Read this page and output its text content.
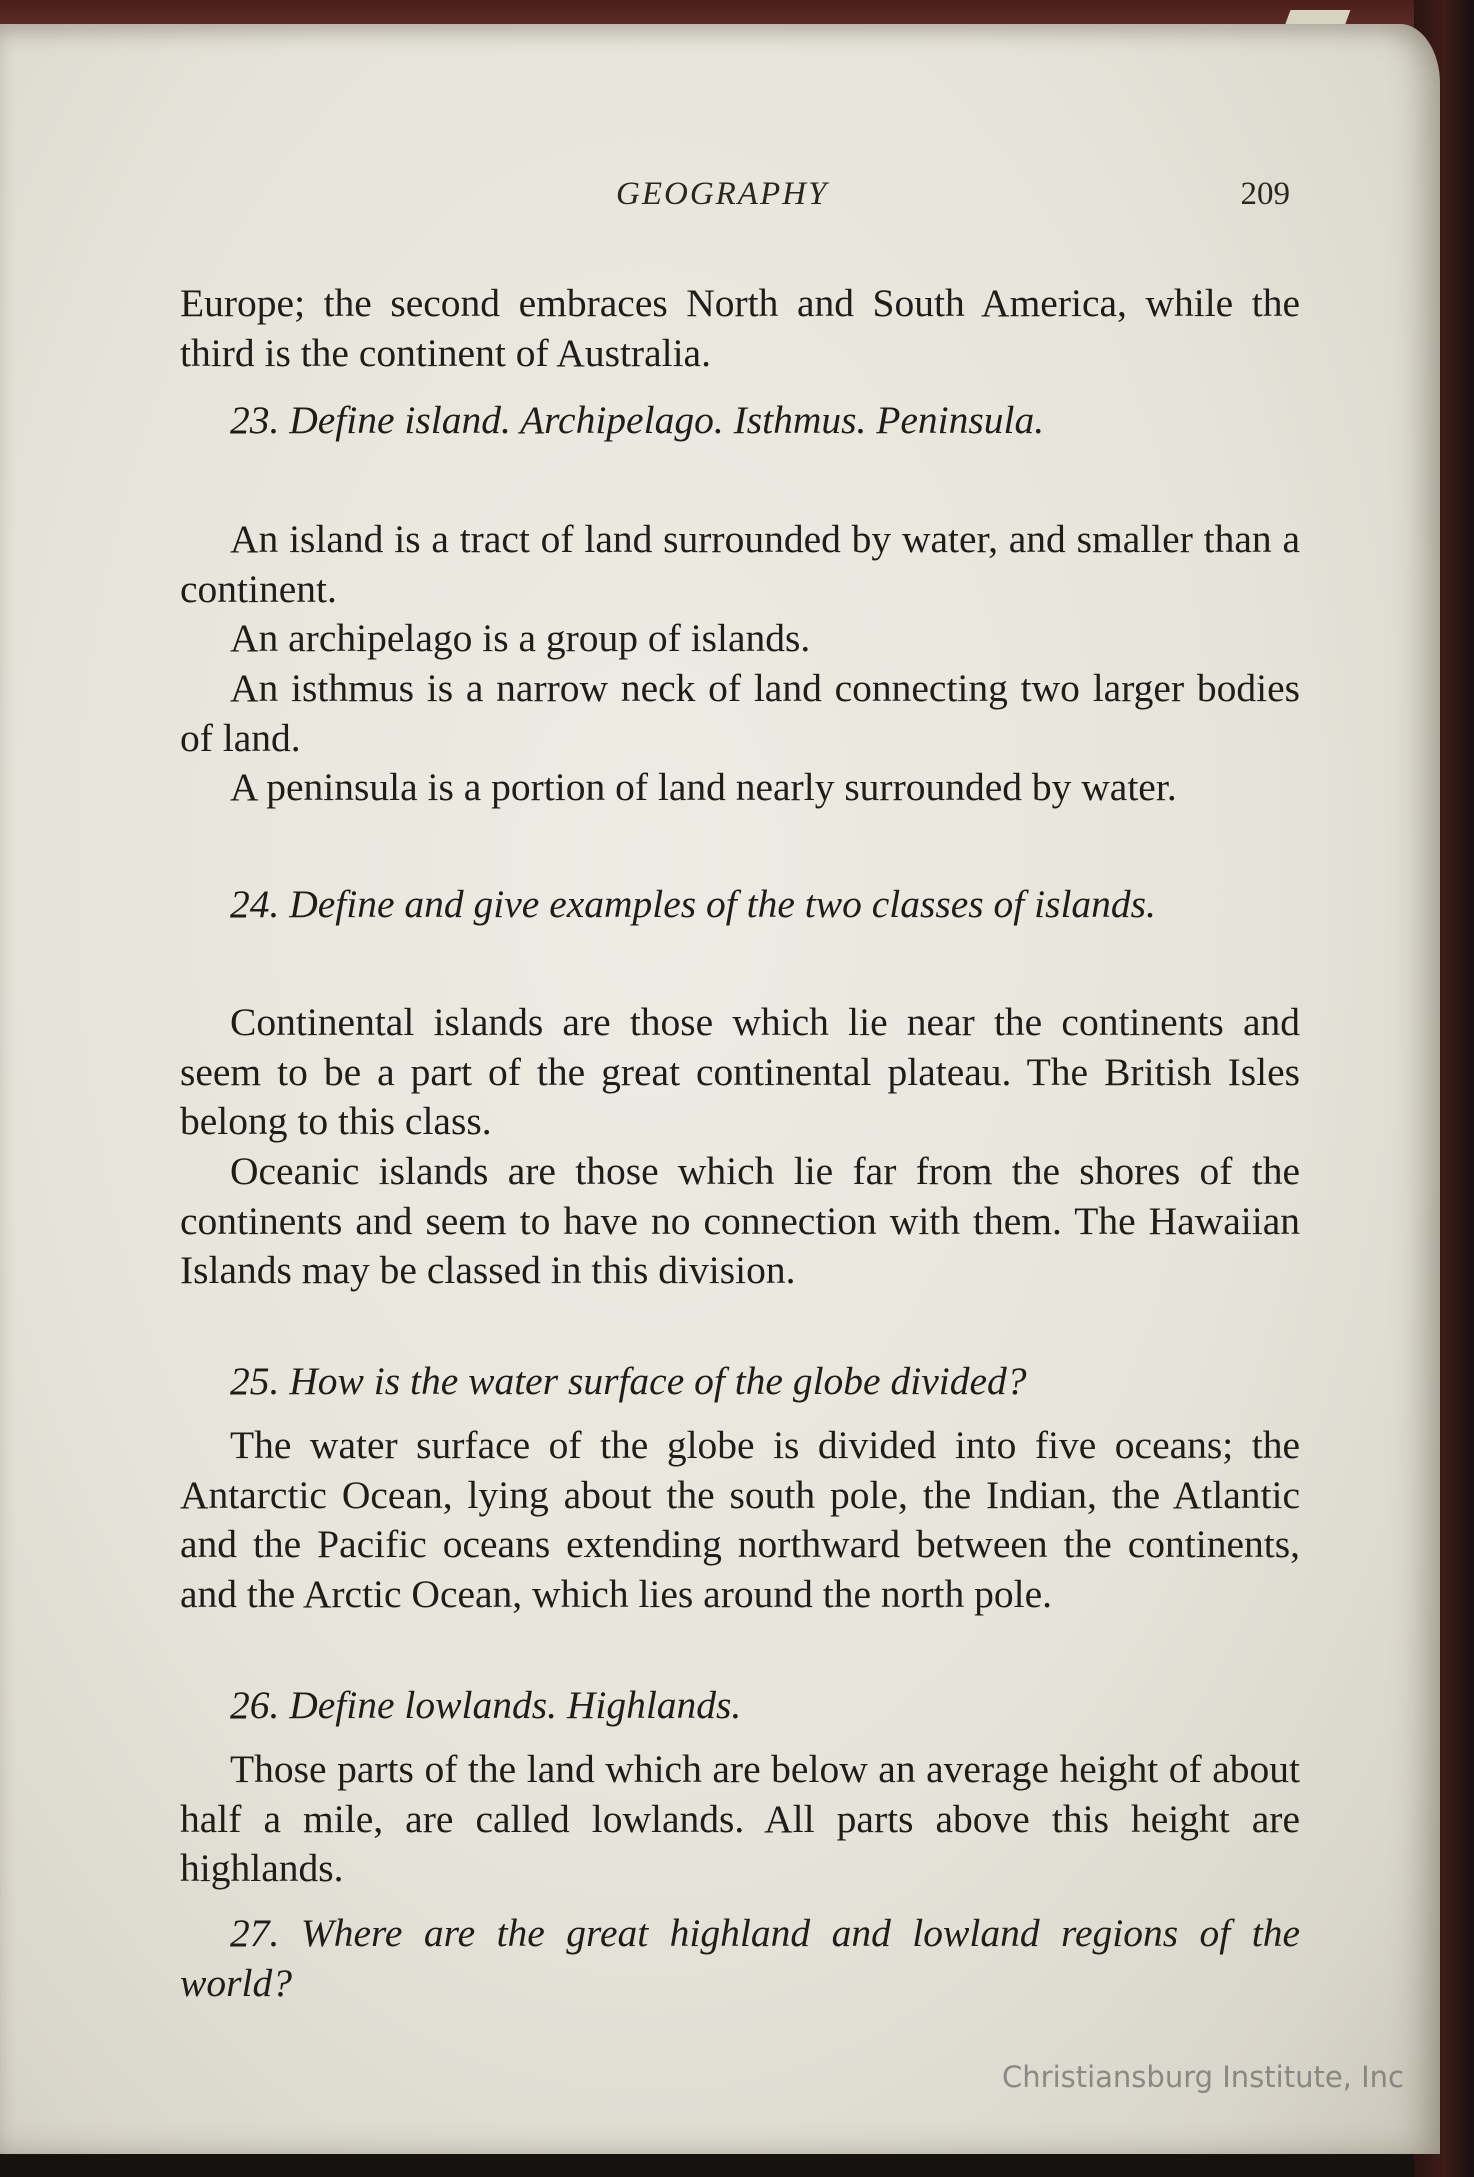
GEOGRAPHY	209
Europe; the second embraces North and South America, while the third is the continent of Australia.
23. Define island. Archipelago. Isthmus. Peninsula.
An island is a tract of land surrounded by water, and smaller than a continent.
An archipelago is a group of islands.
An isthmus is a narrow neck of land connecting two larger bodies of land.
A peninsula is a portion of land nearly surrounded by water.
24. Define and give examples of the two classes of islands.
Continental islands are those which lie near the continents and seem to be a part of the great continental plateau. The British Isles belong to this class.
Oceanic islands are those which lie far from the shores of the continents and seem to have no connection with them. The Hawaiian Islands may be classed in this division.
25. How is the water surface of the globe divided?
The water surface of the globe is divided into five oceans; the Antarctic Ocean, lying about the south pole, the Indian, the Atlantic and the Pacific oceans extending northward between the continents, and the Arctic Ocean, which lies around the north pole.
26. Define lowlands. Highlands.
Those parts of the land which are below an average height of about half a mile, are called lowlands. All parts above this height are highlands.
27. Where are the great highland and lowland regions of the world?
Christiansburg Institute, Inc
